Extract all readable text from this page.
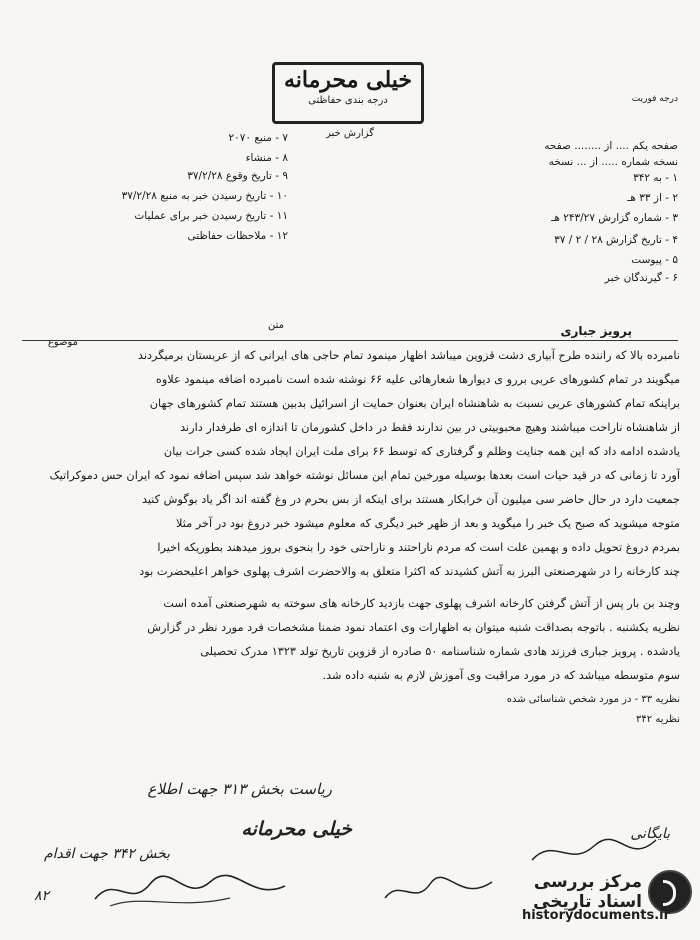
خیلی محرمانه
درجه بندی حفاظتی
گزارش خبر
درجه فوریت
صفحه یکم .... از ........ صفحه
نسخه شماره ..... از ... نسخه
۱ - به ۳۴۲
۲ - از ۳۳ هـ
۳ - شماره گزارش ۲۴۳/۲۷ هـ
۴ - تاریخ گزارش ۲۸ / ۲ / ۳۷
۵ - پیوست
۶ - گیرندگان خبر
۷ - منبع ۲۰۷۰
۸ - منشاء
۹ - تاریخ وقوع ۳۷/۲/۲۸
۱۰ - تاریخ رسیدن خبر به منبع ۳۷/۲/۲۸
۱۱ - تاریخ رسیدن خبر برای عملیات
۱۲ - ملاحظات حفاظتی
موضوع
پرویز جباری
متن
نامبرده بالا که راننده طرح آبیاری دشت قزوین میباشد اظهار مینمود تمام حاجی های ایرانی که از عربستان برمیگردند
میگویند در تمام کشورهای عربی بررو ی دیوارها شعارهائی علیه ۶۶ نوشته شده است نامبرده اضافه مینمود علاوه
براینکه تمام کشورهای عربی نسبت به شاهنشاه ایران بعنوان حمایت از اسرائیل بدبین هستند تمام کشورهای جهان
از شاهنشاه ناراحت میباشند وهیچ محبوبیتی در بین ندارند فقط در داخل کشورمان تا اندازه ای طرفدار دارند
یادشده ادامه داد که این همه جنایت وظلم و گرفتاری که توسط ۶۶ برای ملت ایران ایجاد شده کسی جرات بیان
آورد تا زمانی که در قید حیات است بعدها بوسیله مورخین تمام این مسائل نوشته خواهد شد سپس اضافه نمود که ایران حس دموکراتیک
جمعیت دارد در حال حاضر سی میلیون آن خرابکار هستند برای اینکه از بس بحرم در وغ گفته اند اگر یاد بوگوش کنید
متوجه میشوید که صبح یک خبر را میگوید و بعد از ظهر خبر دیگری که معلوم میشود خبر دروغ بود در آخر مثلا
بمردم دروغ تحویل داده و بهمین علت است که مردم ناراحتند و ناراحتی خود را بنحوی بروز میدهند بطوریکه اخیرا
چند کارخانه را در شهرصنعتی البرز به آتش کشیدند که اکثرا متعلق به والاحضرت اشرف پهلوی خواهر اعلیحضرت بود
وچند بن بار پس از آتش گرفتن کارخانه اشرف پهلوی جهت بازدید کارخانه های سوخته به شهرصنعتی آمده است
نظریه یکشنبه . باتوجه بصداقت شنبه میتوان به اظهارات وی اعتماد نمود ضمنا مشخصات فرد مورد نظر در گزارش
یادشده . پرویز جباری فرزند هادی شماره شناسنامه ۵۰ صادره از قزوین تاریخ تولد ۱۳۲۳ مدرک تحصیلی
سوم متوسطه میباشد که در مورد مراقبت وی آموزش لازم به شنبه داده شد.
نظریه ۳۳ - در مورد شخص شناسائی شده
نظریه ۳۴۲
ریاست بخش ۳۱۳ جهت اطلاع
خیلی محرمانه
بخش ۳۴۲ جهت اقدام
بایگانی
۸۲
مرکز بررسی اسناد تاریخی
historydocuments.ir
